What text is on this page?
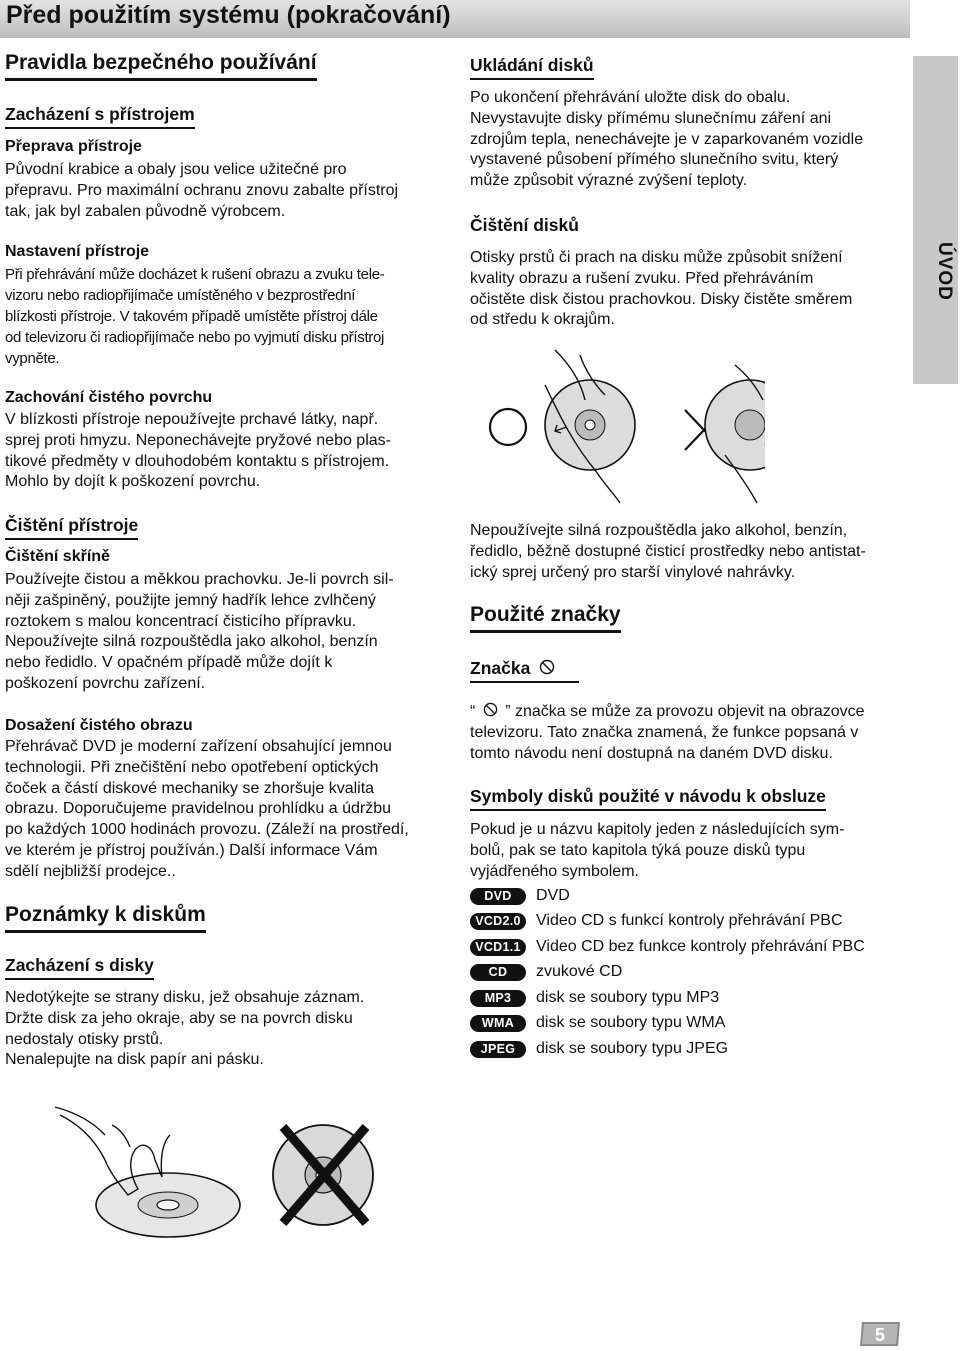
Před použitím systému (pokračování)
ÚVOD
Pravidla bezpečného používání
Zacházení s přístrojem
Přeprava přístroje
Původní krabice a obaly jsou velice užitečné pro
přepravu. Pro maximální ochranu znovu zabalte přístroj
tak, jak byl zabalen původně výrobcem.
Nastavení přístroje
Při přehrávání může docházet k rušení obrazu a zvuku tele-
vizoru nebo radiopřijímače umístěného v bezprostřední
blízkosti přístroje. V takovém případě umístěte přístroj dále
od televizoru či radiopřijímače nebo po vyjmutí disku přístroj
vypněte.
Zachování čistého povrchu
V blízkosti přístroje nepoužívejte prchavé látky, např.
sprej proti hmyzu. Neponechávejte pryžové nebo plas-
tikové předměty v dlouhodobém kontaktu s přístrojem.
Mohlo by dojít k poškození povrchu.
Čištění přístroje
Čištění skříně
Používejte čistou a měkkou prachovku. Je-li povrch sil-
něji zašpiněný, použijte jemný hadřík lehce zvlhčený
roztokem s malou koncentrací čisticího přípravku.
Nepoužívejte silná rozpouštědla jako alkohol, benzín
nebo ředidlo. V opačném případě může dojít k
poškození povrchu zařízení.
Dosažení čistého obrazu
Přehrávač DVD je moderní zařízení obsahující jemnou
technologii. Při znečištění nebo opotřebení optických
čoček a částí diskové mechaniky se zhoršuje kvalita
obrazu. Doporučujeme pravidelnou prohlídku a údržbu
po každých 1000 hodinách provozu. (Záleží na prostředí,
ve kterém je přístroj používán.) Další informace Vám
sdělí nejbližší prodejce..
Poznámky k diskům
Zacházení s disky
Nedotýkejte se strany disku, jež obsahuje záznam.
Držte disk za jeho okraje, aby se na povrch disku
nedostaly otisky prstů.
Nenalepujte na disk papír ani pásku.
Ukládání disků
Po ukončení přehrávání uložte disk do obalu.
Nevystavujte disky přímému slunečnímu záření ani
zdrojům tepla, nenechávejte je v zaparkovaném vozidle
vystavené působení přímého slunečního svitu, který
může způsobit výrazné zvýšení teploty.
Čištění disků
Otisky prstů či prach na disku může způsobit snížení
kvality obrazu a rušení zvuku. Před přehráváním
očistěte disk čistou prachovkou. Disky čistěte směrem
od středu k okrajům.
Nepoužívejte silná rozpouštědla jako alkohol, benzín,
ředidlo, běžně dostupné čisticí prostředky nebo antistat-
ický sprej určený pro starší vinylové nahrávky.
Použité značky
Značka
“ ” značka se může za provozu objevit na obrazovce
televizoru. Tato značka znamená, že funkce popsaná v
tomto návodu není dostupná na daném DVD disku.
Symboly disků použité v návodu k obsluze
Pokud je u názvu kapitoly jeden z následujících sym-
bolů, pak se tato kapitola týká pouze disků typu
vyjádřeného symbolem.
DVD	DVD
VCD2.0 Video CD s funkcí kontroly přehrávání PBC
VCD1.1 Video CD bez funkce kontroly přehrávání PBC
CD	zvukové CD
MP3	disk se soubory typu MP3
WMA	disk se soubory typu WMA
JPEG	disk se soubory typu JPEG
5
